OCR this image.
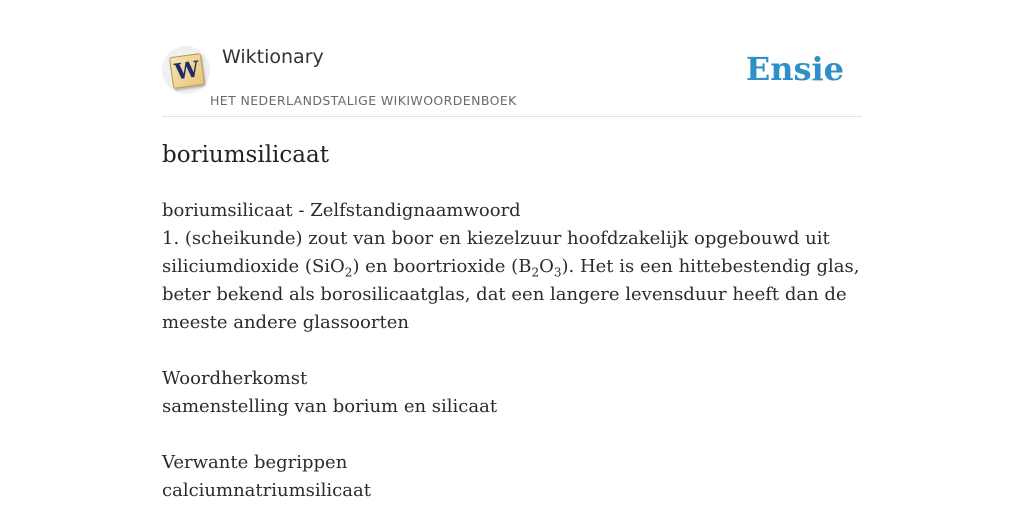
W Wiktionary
HET NEDERLANDSTALIGE WIKIWOORDENBOEK
Ensie
boriumsilicaat

boriumsilicaat - Zelfstandignaamwoord

1. (scheikunde) zout van boor en kiezelzuur hoofdzakelijk opgebouwd uit siliciumdioxide (SiO$_2$) en boortrioxide $(B_2O_3)$. Het is een hittebestendig glas, beter bekend als borosilicaatglas, dat een langere levensduur heeft dan de meeste andere glassoorten

Woordherkomst

samenstelling van borium en silicaat

Verwante begrippen

calciumnatriumsilicaat
